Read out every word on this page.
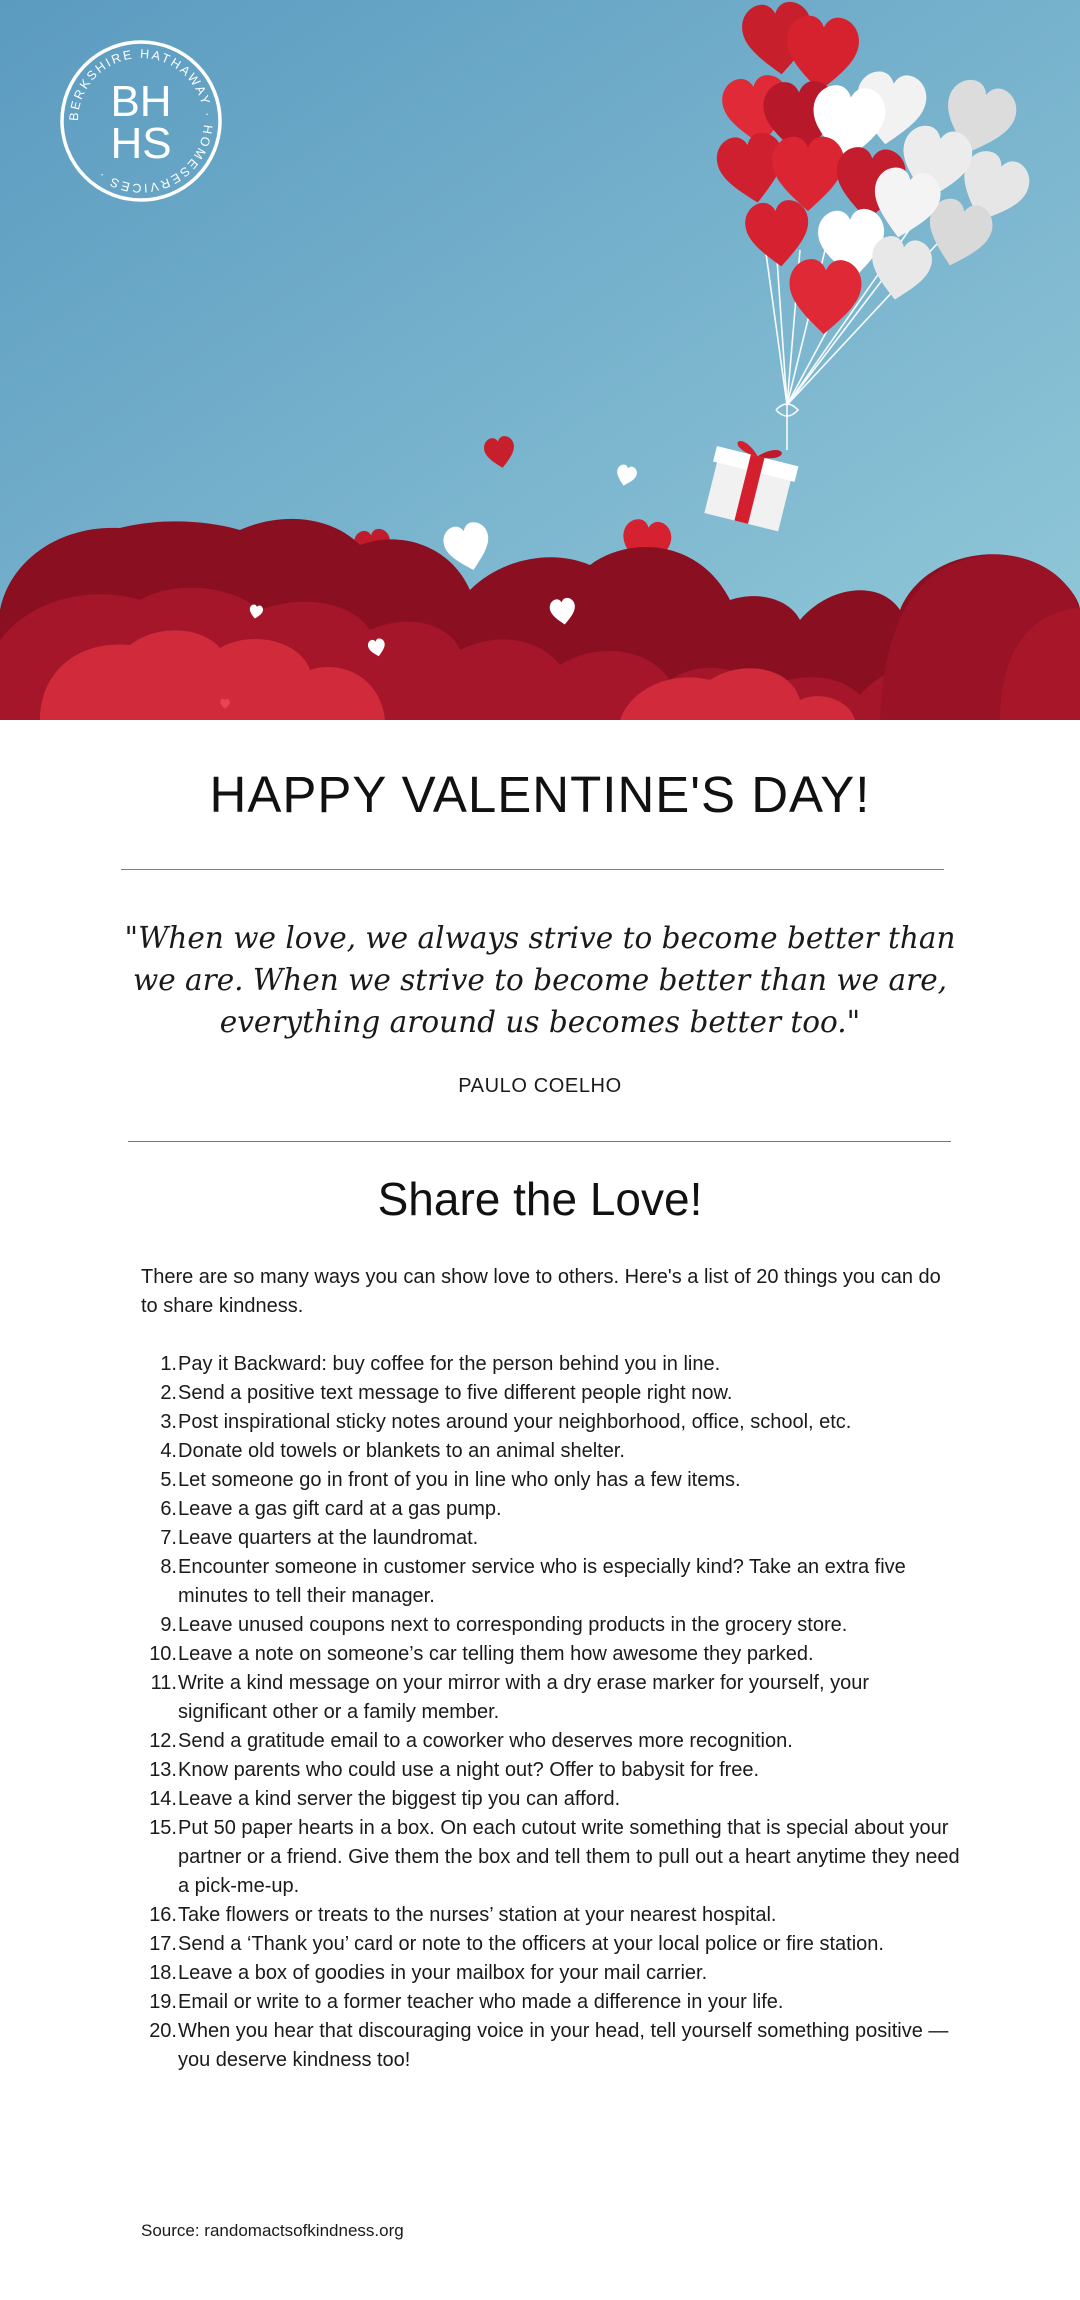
BERKSHIRE HATHAWAY · HOMESERVICES ·
BH
HS
HAPPY VALENTINE'S DAY!

"When we love, we always strive to become better than we are. When we strive to become better than we are, everything around us becomes better too."

PAULO COELHO
Share the Love!

There are so many ways you can show love to others. Here's a list of 20 things you can do to share kindness.

1. Pay it Backward: buy coffee for the person behind you in line.
2. Send a positive text message to five different people right now.
3. Post inspirational sticky notes around your neighborhood, office, school, etc.
4. Donate old towels or blankets to an animal shelter.
5. Let someone go in front of you in line who only has a few items.
6. Leave a gas gift card at a gas pump.
7. Leave quarters at the laundromat.
8. Encounter someone in customer service who is especially kind? Take an extra five minutes to tell their manager.
9. Leave unused coupons next to corresponding products in the grocery store.
10. Leave a note on someone’s car telling them how awesome they parked.
11. Write a kind message on your mirror with a dry erase marker for yourself, your significant other or a family member.
12. Send a gratitude email to a coworker who deserves more recognition.
13. Know parents who could use a night out? Offer to babysit for free.
14. Leave a kind server the biggest tip you can afford.
15. Put 50 paper hearts in a box. On each cutout write something that is special about your partner or a friend. Give them the box and tell them to pull out a heart anytime they need a pick-me-up.
16. Take flowers or treats to the nurses’ station at your nearest hospital.
17. Send a ‘Thank you’ card or note to the officers at your local police or fire station.
18. Leave a box of goodies in your mailbox for your mail carrier.
19. Email or write to a former teacher who made a difference in your life.
20. When you hear that discouraging voice in your head, tell yourself something positive — you deserve kindness too!
Source: randomactsofkindness.org
